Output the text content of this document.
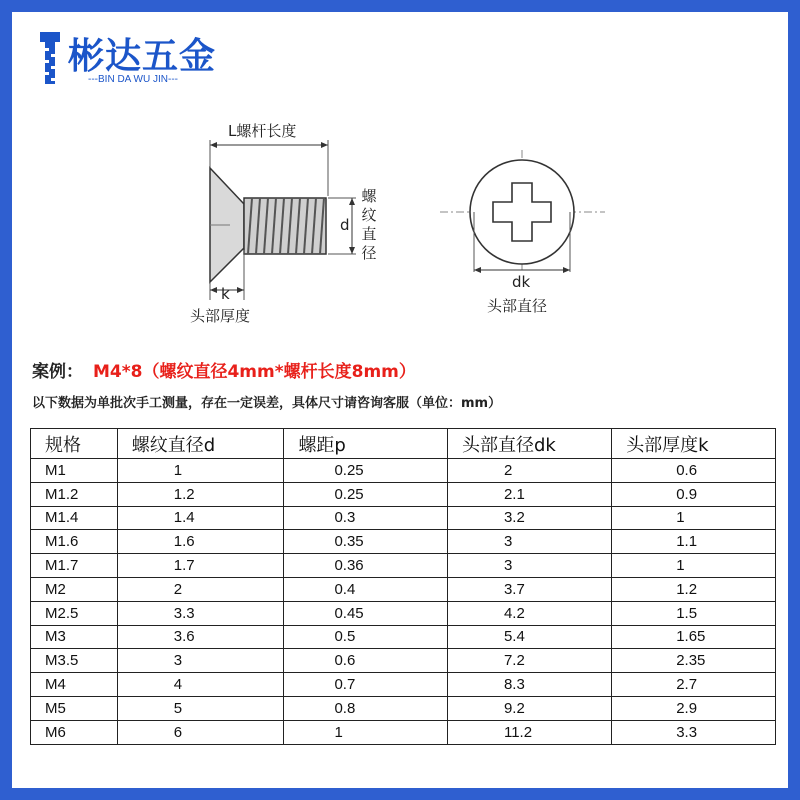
彬达五金
---BIN DA WU JIN---
L螺杆长度
d
螺纹直径
k
头部厚度
dk
头部直径
案例： M4*8（螺纹直径4mm*螺杆长度8mm）
以下数据为单批次手工测量，存在一定误差，具体尺寸请咨询客服（单位：mm）
规格	螺纹直径d	螺距p	头部直径dk	头部厚度k
M1	1	0.25	2	0.6
M1.2	1.2	0.25	2.1	0.9
M1.4	1.4	0.3	3.2	1
M1.6	1.6	0.35	3	1.1
M1.7	1.7	0.36	3	1
M2	2	0.4	3.7	1.2
M2.5	3.3	0.45	4.2	1.5
M3	3.6	0.5	5.4	1.65
M3.5	3	0.6	7.2	2.35
M4	4	0.7	8.3	2.7
M5	5	0.8	9.2	2.9
M6	6	1	11.2	3.3
